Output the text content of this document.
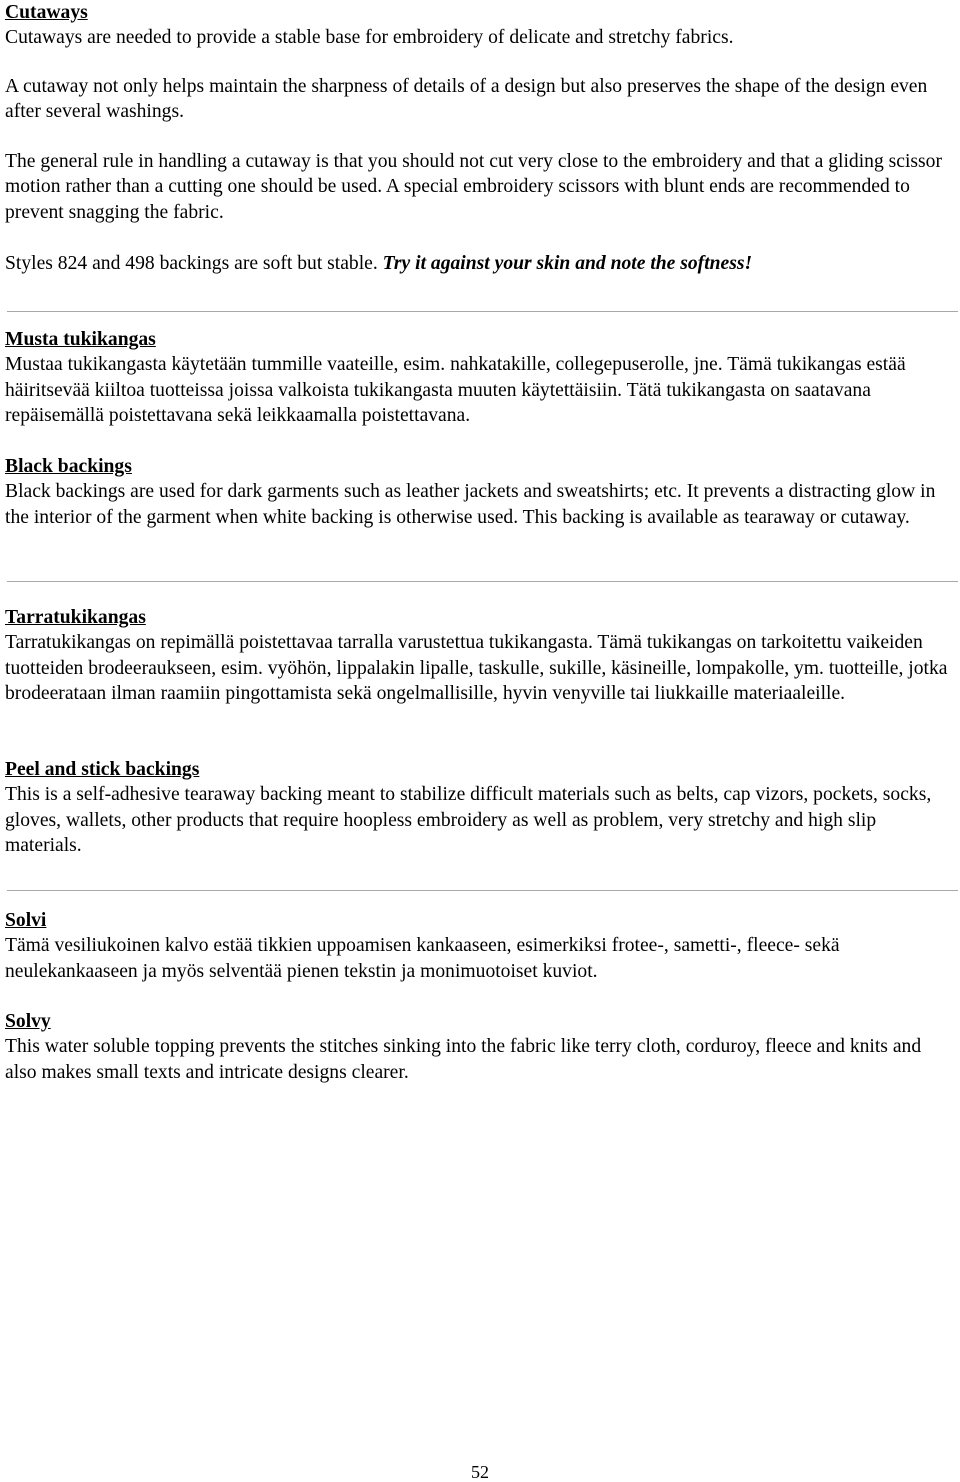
Cutaways

Cutaways are needed to provide a stable base for embroidery of delicate and stretchy fabrics.

A cutaway not only helps maintain the sharpness of details of a design but also preserves the shape of the design even after several washings.

The general rule in handling a cutaway is that you should not cut very close to the embroidery and that a gliding scissor motion rather than a cutting one should be used. A special embroidery scissors with blunt ends are recommended to prevent snagging the fabric.

Styles 824 and 498 backings are soft but stable. Try it against your skin and note the softness!

Musta tukikangas

Mustaa tukikangasta käytetään tummille vaateille, esim. nahkatakille, collegepuserolle, jne. Tämä tukikangas estää häiritsevää kiiltoa tuotteissa joissa valkoista tukikangasta muuten käytettäisiin. Tätä tukikangasta on saatavana repäisemällä poistettavana sekä leikkaamalla poistettavana.

Black backings

Black backings are used for dark garments such as leather jackets and sweatshirts; etc. It prevents a distracting glow in the interior of the garment when white backing is otherwise used. This backing is available as tearaway or cutaway.

Tarratukikangas

Tarratukikangas on repimällä poistettavaa tarralla varustettua tukikangasta. Tämä tukikangas on tarkoitettu vaikeiden tuotteiden brodeeraukseen, esim. vyöhön, lippalakin lipalle, taskulle, sukille, käsineille, lompakolle, ym. tuotteille, jotka brodeerataan ilman raamiin pingottamista sekä ongelmallisille, hyvin venyville tai liukkaille materiaaleille.

Peel and stick backings

This is a self-adhesive tearaway backing meant to stabilize difficult materials such as belts, cap vizors, pockets, socks, gloves, wallets, other products that require hoopless embroidery as well as problem, very stretchy and high slip materials.

Solvi

Tämä vesiliukoinen kalvo estää tikkien uppoamisen kankaaseen, esimerkiksi frotee-, sametti-, fleece- sekä neulekankaaseen ja myös selventää pienen tekstin ja monimuotoiset kuviot.

Solvy

This water soluble topping prevents the stitches sinking into the fabric like terry cloth, corduroy, fleece and knits and also makes small texts and intricate designs clearer.

52
